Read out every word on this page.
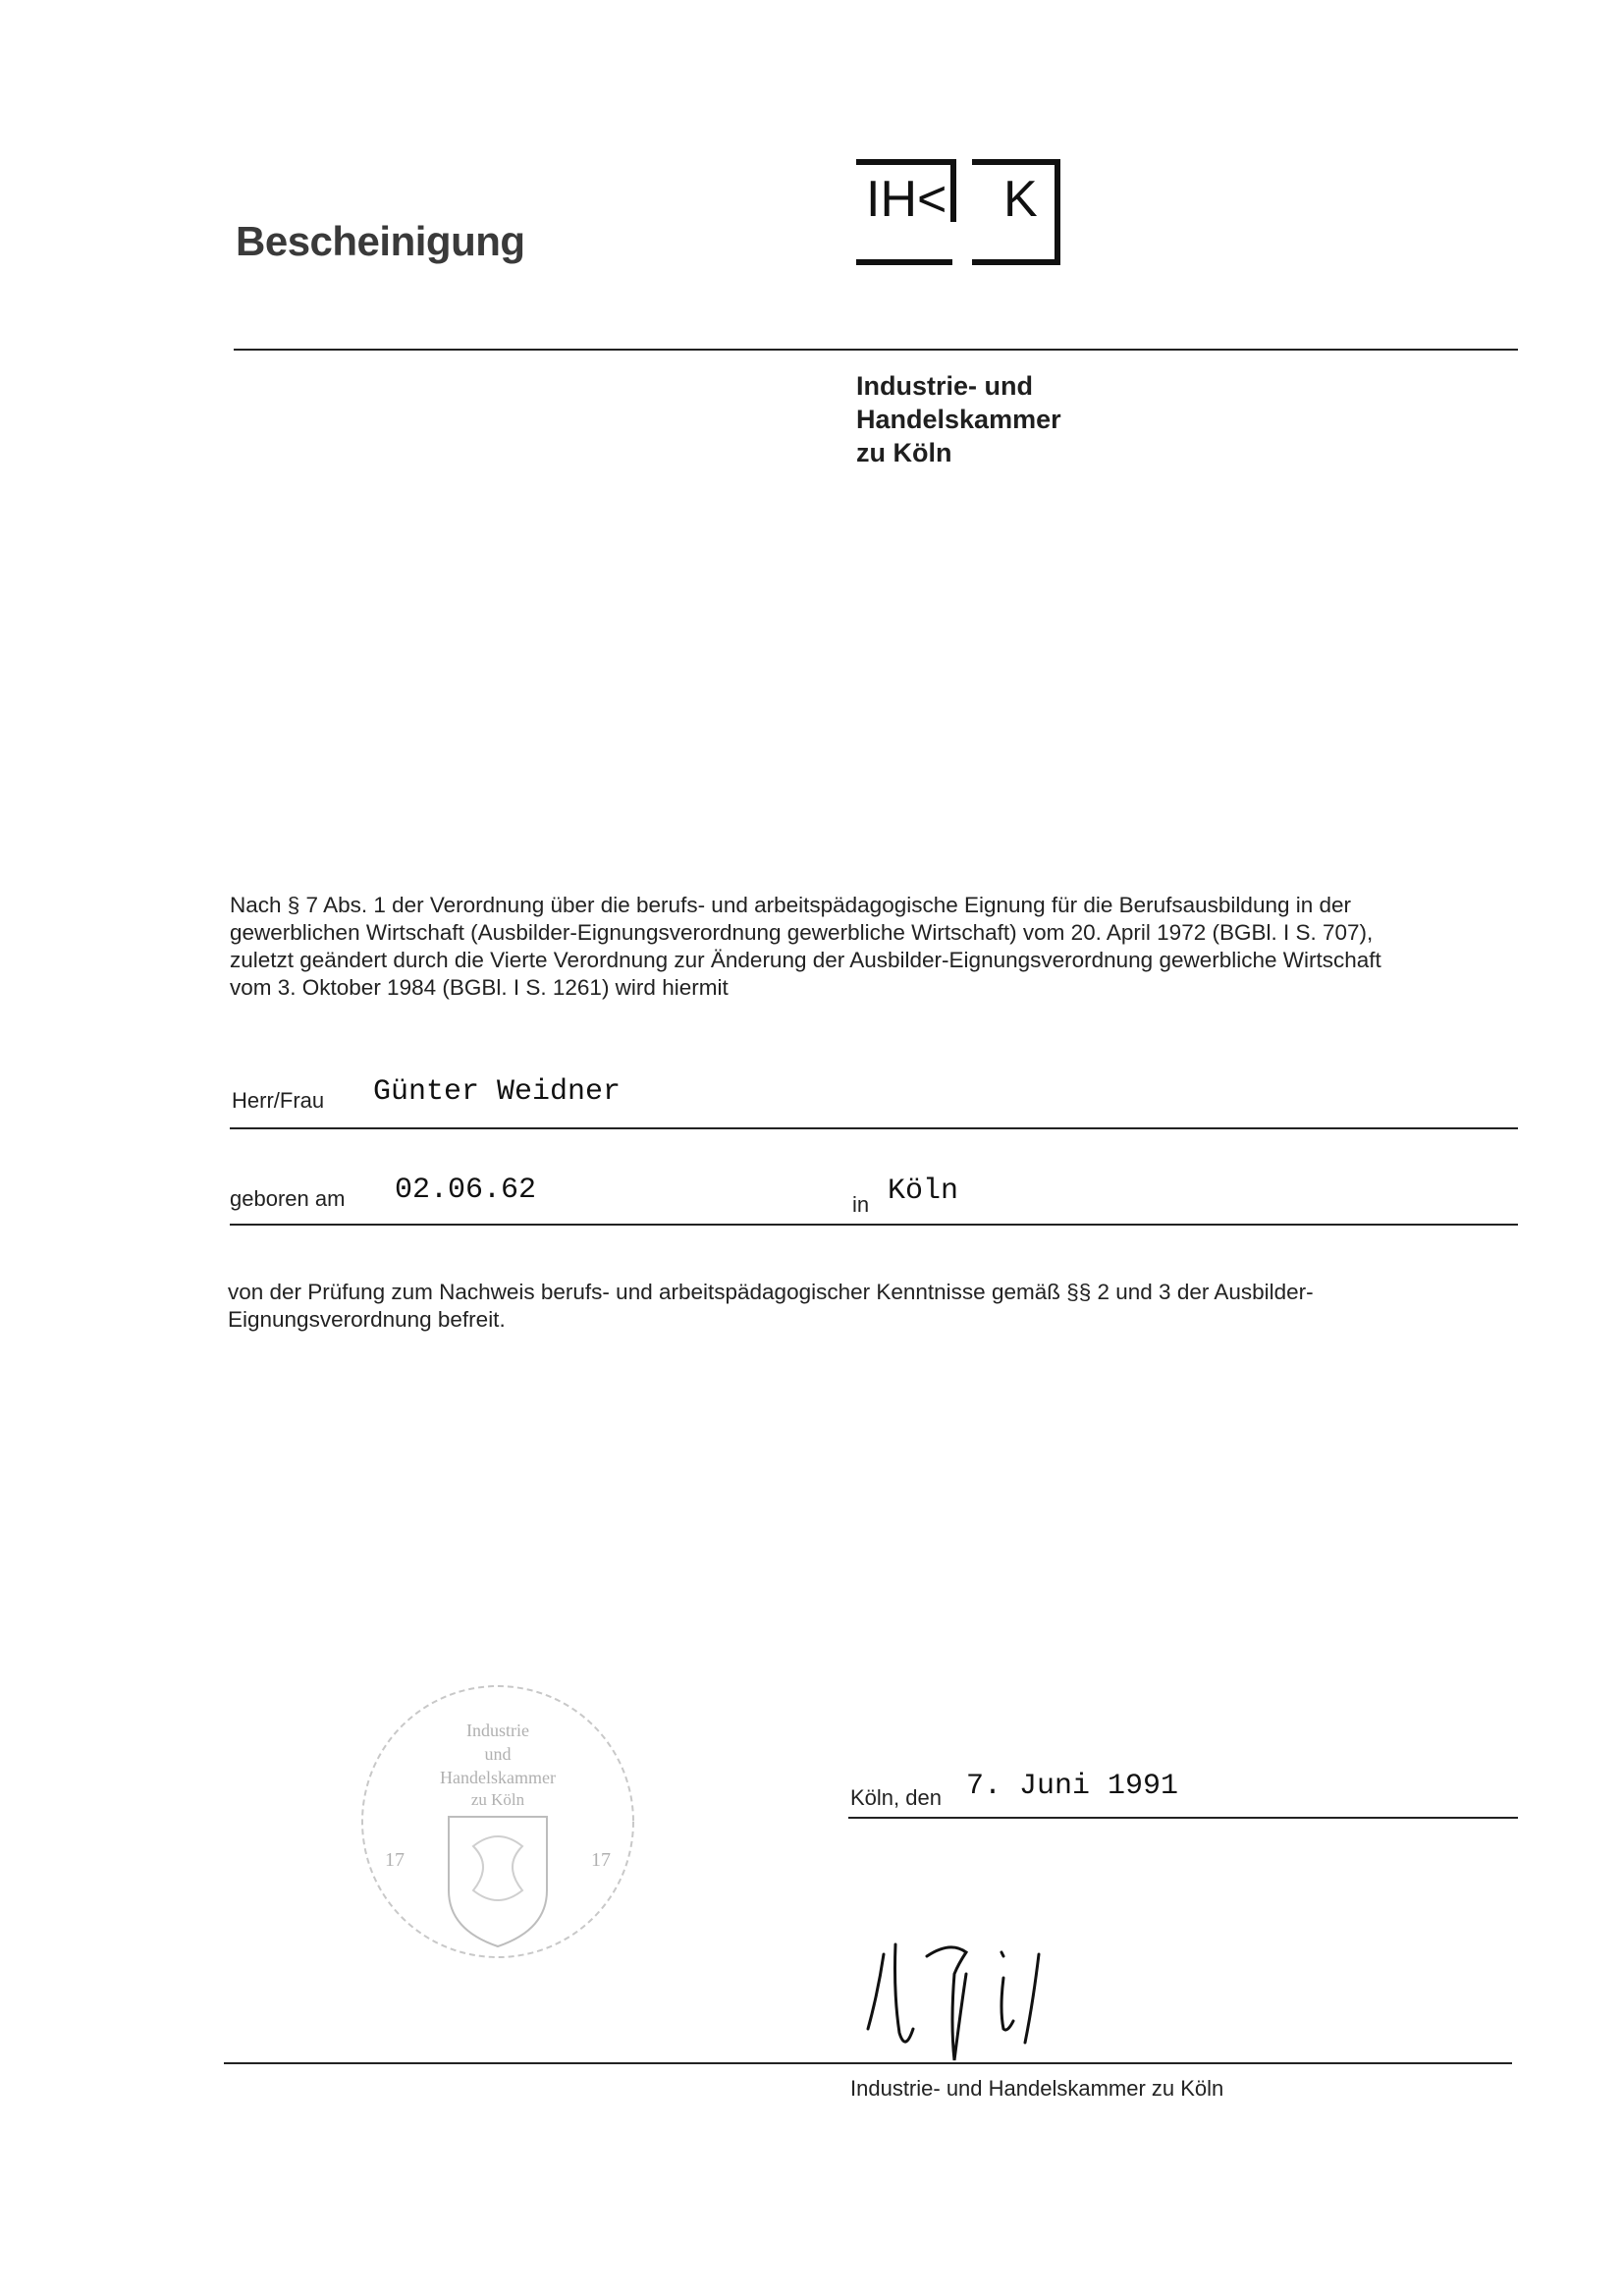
Bescheinigung
IH< K
Industrie- und
Handelskammer
zu Köln
Nach § 7 Abs. 1 der Verordnung über die berufs- und arbeitspädagogische Eignung für die Berufsausbildung in der
gewerblichen Wirtschaft (Ausbilder-Eignungsverordnung gewerbliche Wirtschaft) vom 20. April 1972 (BGBl. I S. 707),
zuletzt geändert durch die Vierte Verordnung zur Änderung der Ausbilder-Eignungsverordnung gewerbliche Wirtschaft
vom 3. Oktober 1984 (BGBl. I S. 1261) wird hiermit
Herr/Frau Günter Weidner
geboren am 02.06.62	in Köln
von der Prüfung zum Nachweis berufs- und arbeitspädagogischer Kenntnisse gemäß §§ 2 und 3 der Ausbilder-
Eignungsverordnung befreit.
Industrie
und
Handelskammer
zu Köln
17	17
Köln, den 7. Juni 1991
Industrie- und Handelskammer zu Köln
